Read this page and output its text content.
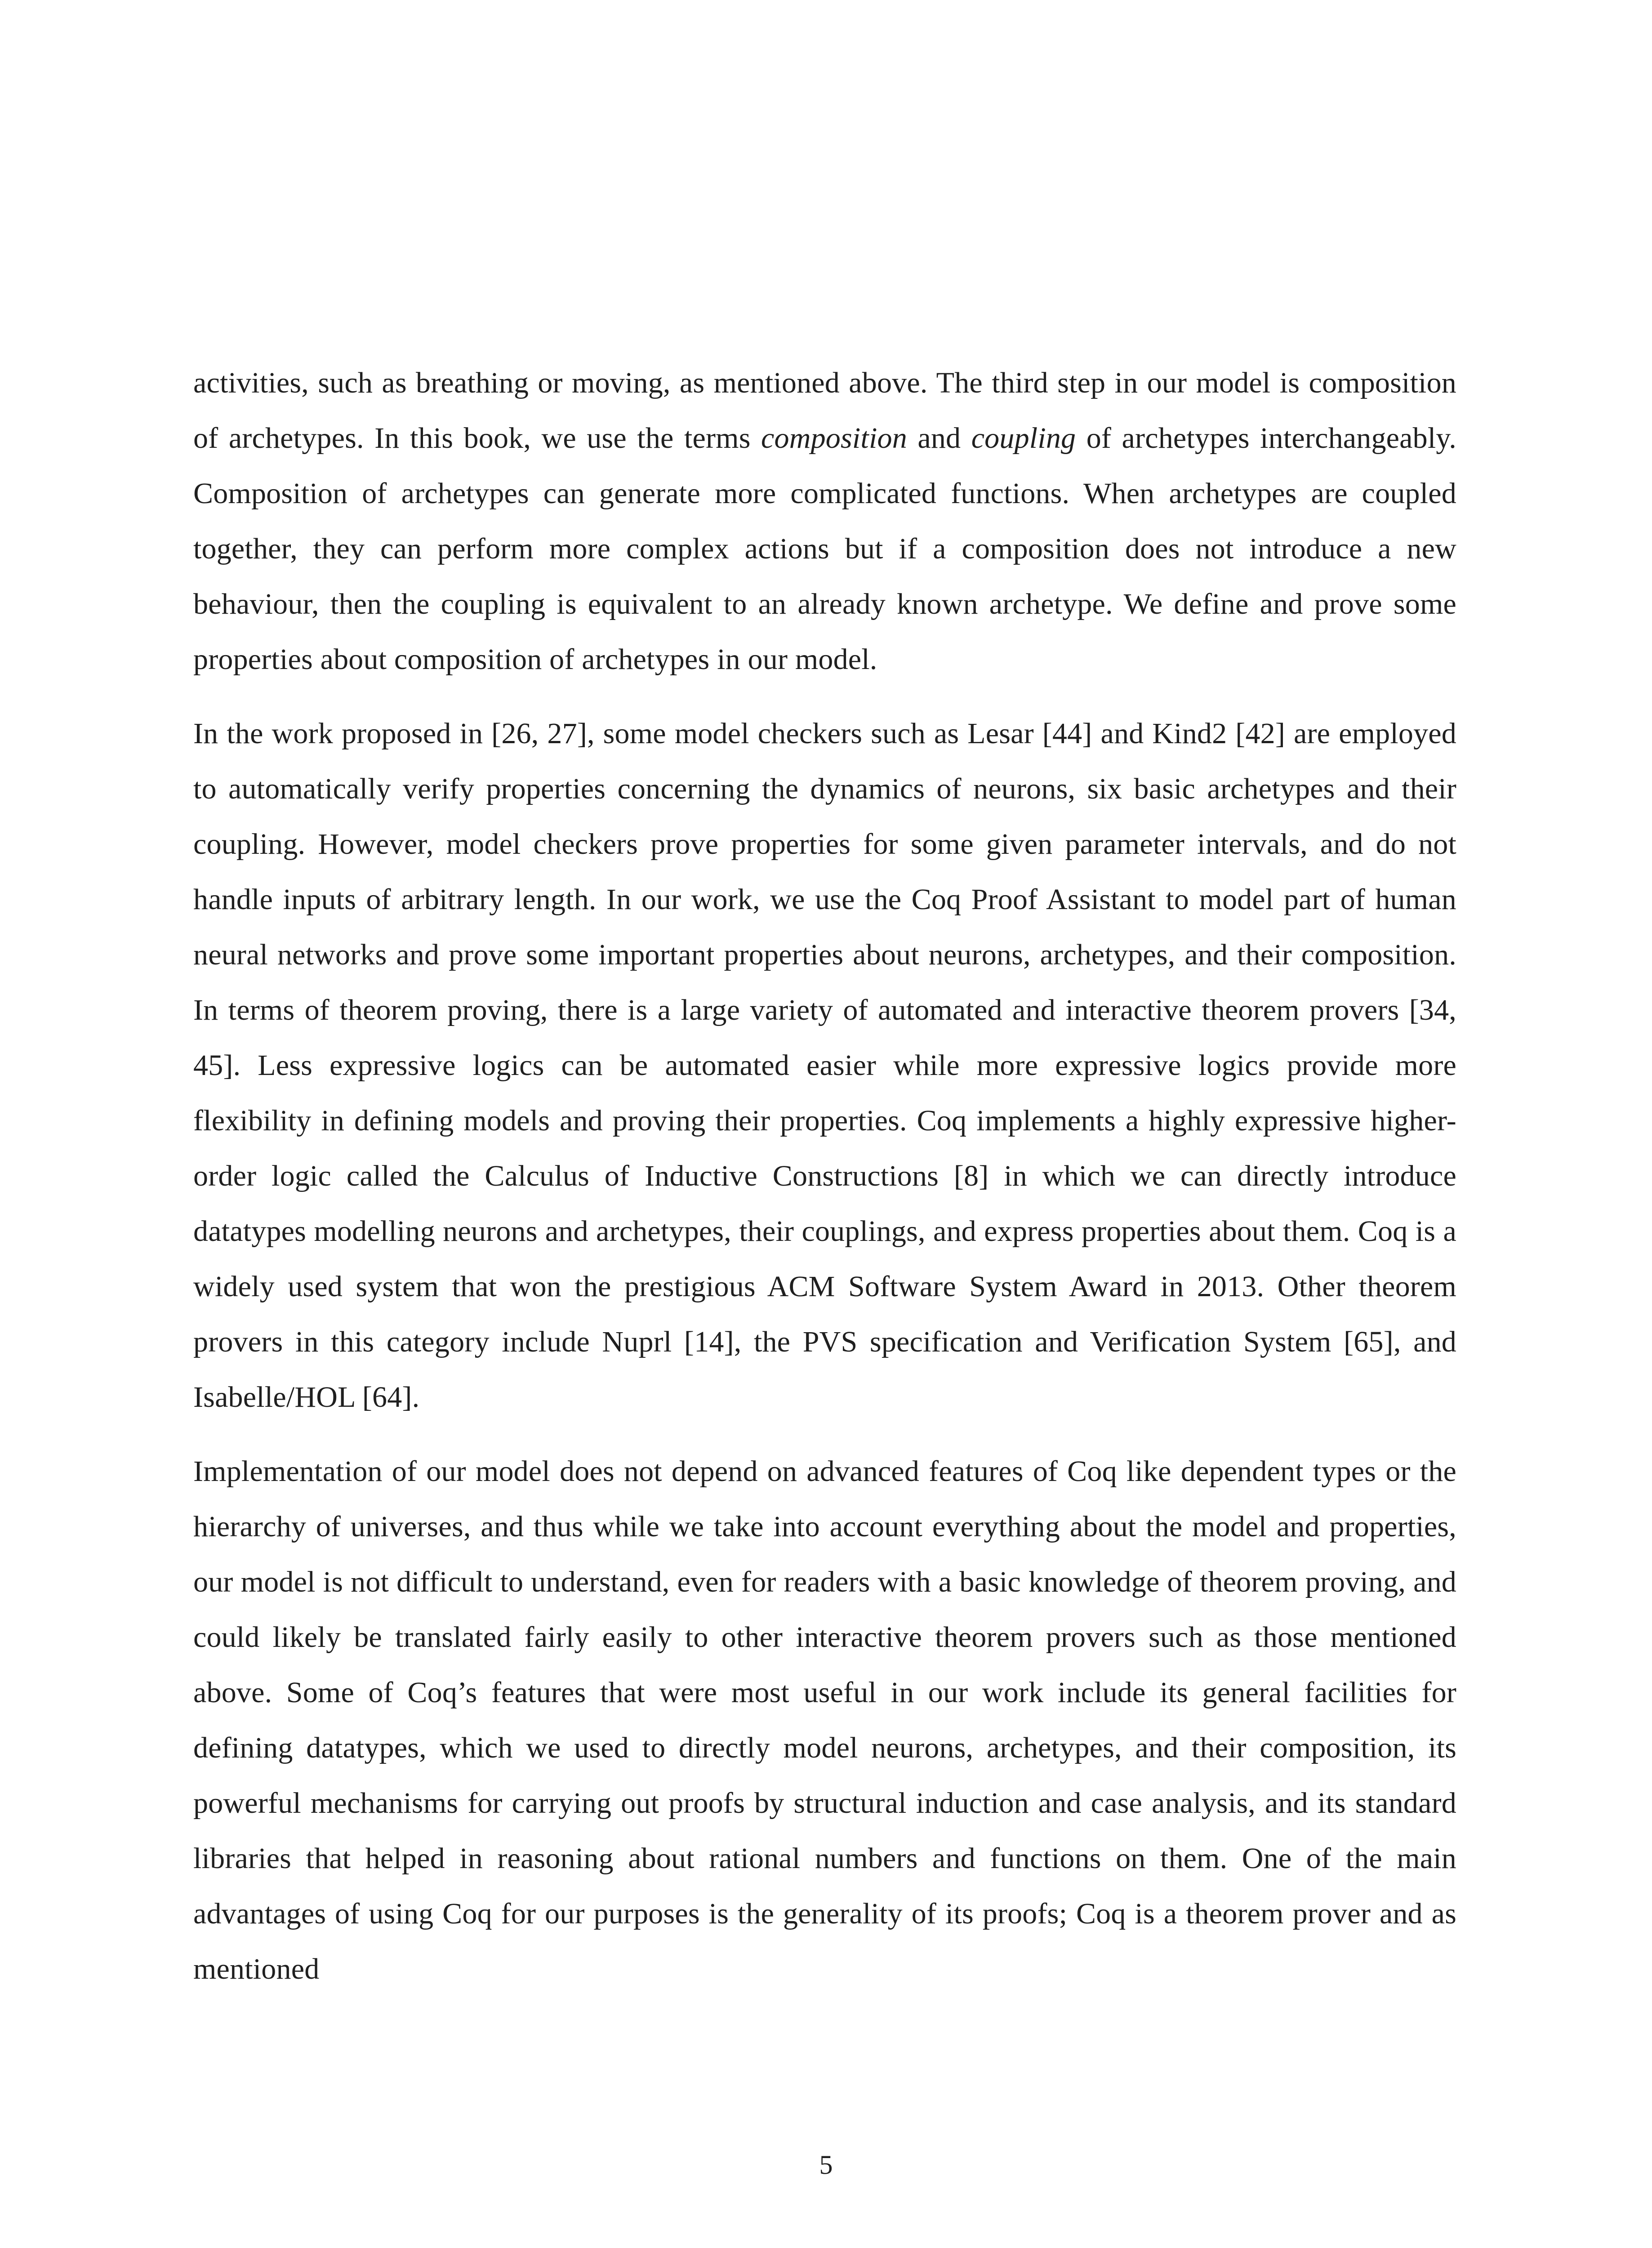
activities, such as breathing or moving, as mentioned above. The third step in our model is composition of archetypes. In this book, we use the terms composition and coupling of archetypes interchangeably. Composition of archetypes can generate more complicated functions. When archetypes are coupled together, they can perform more complex actions but if a composition does not introduce a new behaviour, then the coupling is equivalent to an already known archetype. We define and prove some properties about composition of archetypes in our model.

In the work proposed in [26, 27], some model checkers such as Lesar [44] and Kind2 [42] are employed to automatically verify properties concerning the dynamics of neurons, six basic archetypes and their coupling. However, model checkers prove properties for some given parameter intervals, and do not handle inputs of arbitrary length. In our work, we use the Coq Proof Assistant to model part of human neural networks and prove some important properties about neurons, archetypes, and their composition. In terms of theorem proving, there is a large variety of automated and interactive theorem provers [34, 45]. Less expressive logics can be automated easier while more expressive logics provide more flexibility in defining models and proving their properties. Coq implements a highly expressive higher-order logic called the Calculus of Inductive Constructions [8] in which we can directly introduce datatypes modelling neurons and archetypes, their couplings, and express properties about them. Coq is a widely used system that won the prestigious ACM Software System Award in 2013. Other theorem provers in this category include Nuprl [14], the PVS specification and Verification System [65], and Isabelle/HOL [64].

Implementation of our model does not depend on advanced features of Coq like dependent types or the hierarchy of universes, and thus while we take into account everything about the model and properties, our model is not difficult to understand, even for readers with a basic knowledge of theorem proving, and could likely be translated fairly easily to other interactive theorem provers such as those mentioned above. Some of Coq’s features that were most useful in our work include its general facilities for defining datatypes, which we used to directly model neurons, archetypes, and their composition, its powerful mechanisms for carrying out proofs by structural induction and case analysis, and its standard libraries that helped in reasoning about rational numbers and functions on them. One of the main advantages of using Coq for our purposes is the generality of its proofs; Coq is a theorem prover and as mentioned

5
